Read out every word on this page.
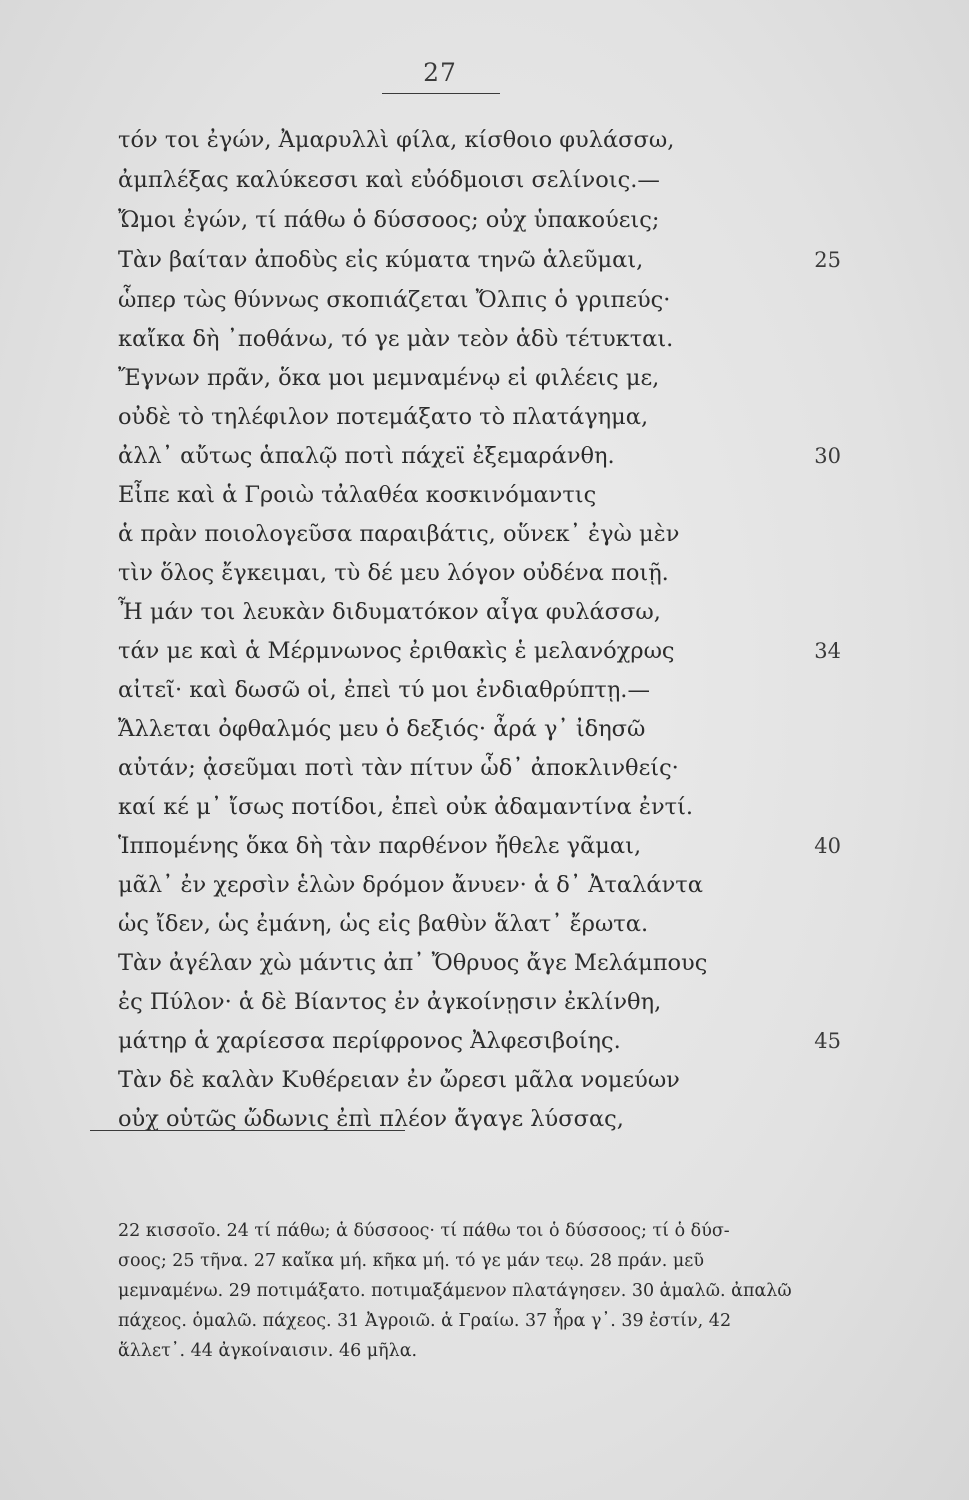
27
τόν τοι ἐγών, Ἀμαρυλλὶ φίλα, κίσθοιο φυλάσσω,
ἀμπλέξας καλύκεσσι καὶ εὐόδμοισι σελίνοις.—
Ὤμοι ἐγών, τί πάθω ὁ δύσσοος; οὐχ ὑπακούεις;
Τὰν βαίταν ἀποδὺς εἰς κύματα τηνῶ ἁλεῦμαι,	25
ὧπερ τὼς θύννως σκοπιάζεται Ὄλπις ὁ γριπεύς·
καἴκα δὴ ᾽ποθάνω, τό γε μὰν τεὸν ἁδὺ τέτυκται.
Ἔγνων πρᾶν, ὅκα μοι μεμναμένῳ εἰ φιλέεις με,
οὐδὲ τὸ τηλέφιλον ποτεμάξατο τὸ πλατάγημα,
ἀλλ᾽ αὔτως ἁπαλῷ ποτὶ πάχεϊ ἐξεμαράνθη.	30
Εἶπε καὶ ἁ Γροιὼ τἀλαθέα κοσκινόμαντις
ἁ πρὰν ποιολογεῦσα παραιβάτις, οὕνεκ᾽ ἐγὼ μὲν
τὶν ὅλος ἔγκειμαι, τὺ δέ μευ λόγον οὐδένα ποιῇ.
Ἦ μάν τοι λευκὰν διδυματόκον αἶγα φυλάσσω,
τάν με καὶ ἁ Μέρμνωνος ἐριθακὶς ἑ μελανόχρως	34
αἰτεῖ· καὶ δωσῶ οἱ, ἐπεὶ τύ μοι ἐνδιαθρύπτῃ.—
Ἄλλεται ὀφθαλμός μευ ὁ δεξιός· ἆρά γ᾽ ἰδησῶ
αὐτάν; ᾀσεῦμαι ποτὶ τὰν πίτυν ὧδ᾽ ἀποκλινθείς·
καί κέ μ᾽ ἴσως ποτίδοι, ἐπεὶ οὐκ ἀδαμαντίνα ἐντί.
Ἱππομένης ὅκα δὴ τὰν παρθένον ἤθελε γᾶμαι,	40
μᾶλ᾽ ἐν χερσὶν ἑλὼν δρόμον ἄνυεν· ἁ δ᾽ Ἀταλάντα
ὡς ἴδεν, ὡς ἐμάνη, ὡς εἰς βαθὺν ἅλατ᾽ ἔρωτα.
Τὰν ἀγέλαν χὼ μάντις ἀπ᾽ Ὄθρυος ἄγε Μελάμπους
ἐς Πύλον· ἁ δὲ Βίαντος ἐν ἀγκοίνῃσιν ἐκλίνθη,
μάτηρ ἁ χαρίεσσα περίφρονος Ἀλφεσιβοίης.	45
Τὰν δὲ καλὰν Κυθέρειαν ἐν ὤρεσι μᾶλα νομεύων
οὐχ οὑτῶς ὤδωνις ἐπὶ πλέον ἄγαγε λύσσας,
22 κισσοῖο. 24 τί πάθω; ἁ δύσσοος· τί πάθω τοι ὁ δύσσοος; τί ὁ δύσ-
σοος; 25 τῆνα. 27 καἴκα μή. κῆκα μή. τό γε μάν τεῳ. 28 πράν. μεῦ
μεμναμένω. 29 ποτιμάξατο. ποτιμαξάμενον πλατάγησεν. 30 ἁμαλῶ. ἀπαλῶ
πάχεος. ὁμαλῶ. πάχεος. 31 Ἀγροιῶ. ἁ Γραίω. 37 ἦρα γ᾽. 39 ἐστίν, 42
ἅλλετ᾽. 44 ἀγκοίναισιν. 46 μῆλα.
